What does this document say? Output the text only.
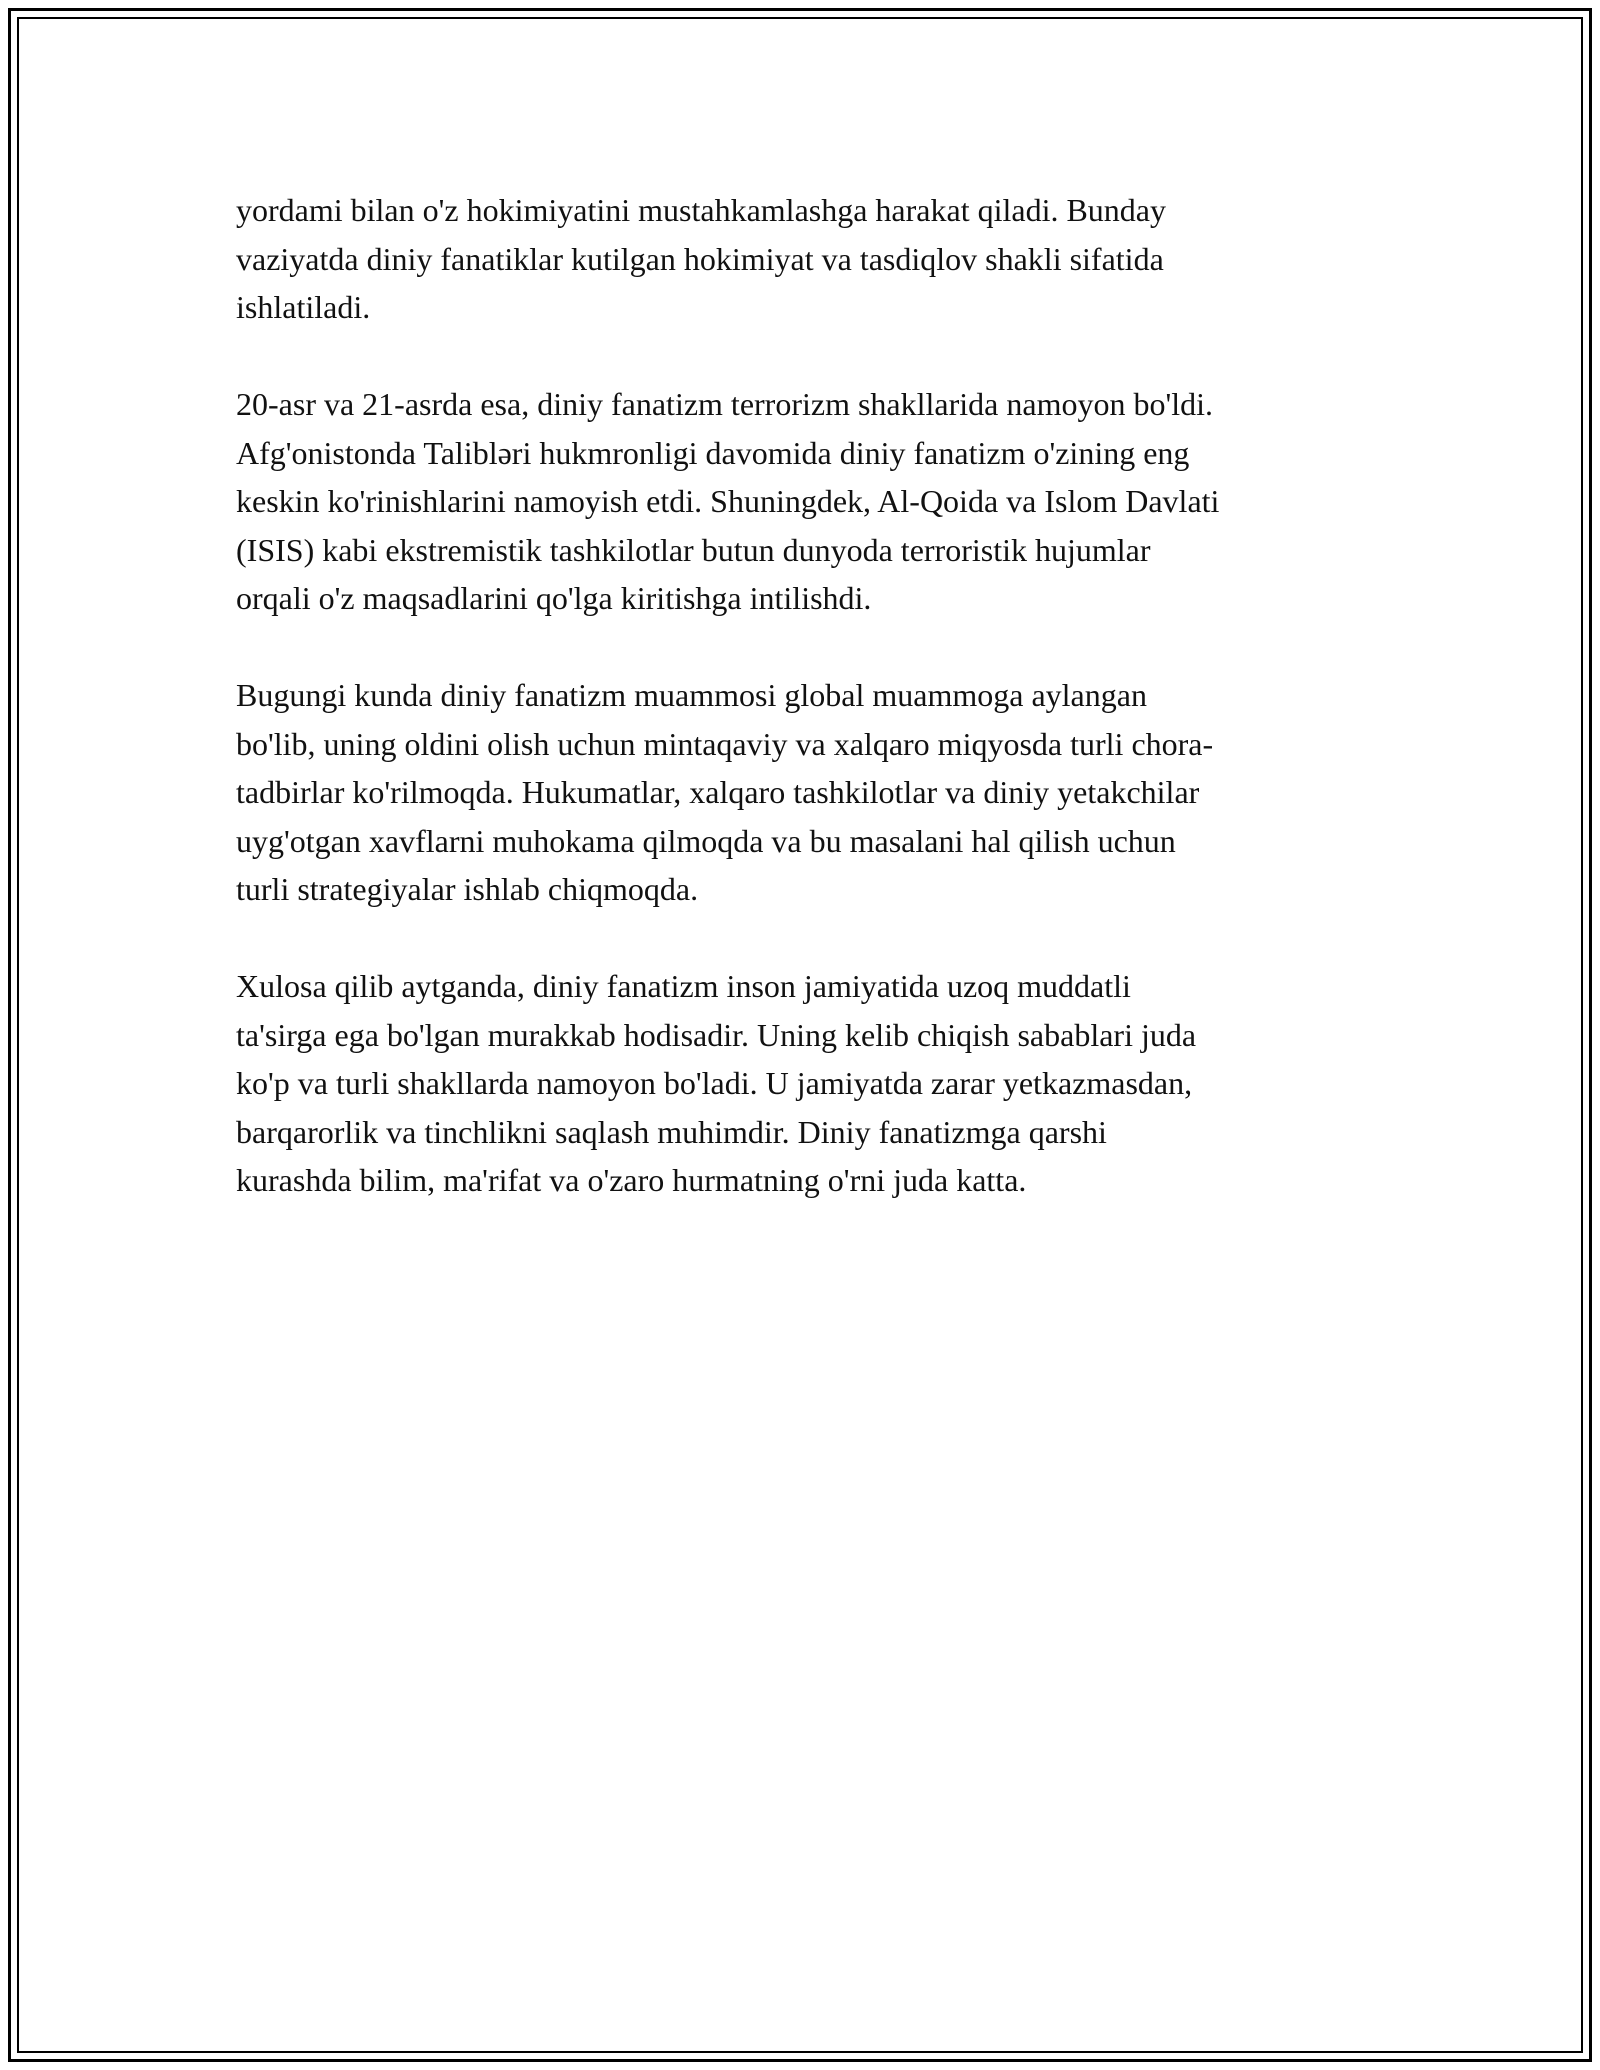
yordami bilan o'z hokimiyatini mustahkamlashga harakat qiladi. Bunday
vaziyatda diniy fanatiklar kutilgan hokimiyat va tasdiqlov shakli sifatida
ishlatiladi.

20-asr va 21-asrda esa, diniy fanatizm terrorizm shakllarida namoyon bo'ldi.
Afg'onistonda Talibləri hukmronligi davomida diniy fanatizm o'zining eng
keskin ko'rinishlarini namoyish etdi. Shuningdek, Al-Qoida va Islom Davlati
(ISIS) kabi ekstremistik tashkilotlar butun dunyoda terroristik hujumlar
orqali o'z maqsadlarini qo'lga kiritishga intilishdi.

Bugungi kunda diniy fanatizm muammosi global muammoga aylangan
bo'lib, uning oldini olish uchun mintaqaviy va xalqaro miqyosda turli chora-
tadbirlar ko'rilmoqda. Hukumatlar, xalqaro tashkilotlar va diniy yetakchilar
uyg'otgan xavflarni muhokama qilmoqda va bu masalani hal qilish uchun
turli strategiyalar ishlab chiqmoqda.

Xulosa qilib aytganda, diniy fanatizm inson jamiyatida uzoq muddatli
ta'sirga ega bo'lgan murakkab hodisadir. Uning kelib chiqish sabablari juda
ko'p va turli shakllarda namoyon bo'ladi. U jamiyatda zarar yetkazmasdan,
barqarorlik va tinchlikni saqlash muhimdir. Diniy fanatizmga qarshi
kurashda bilim, ma'rifat va o'zaro hurmatning o'rni juda katta.
